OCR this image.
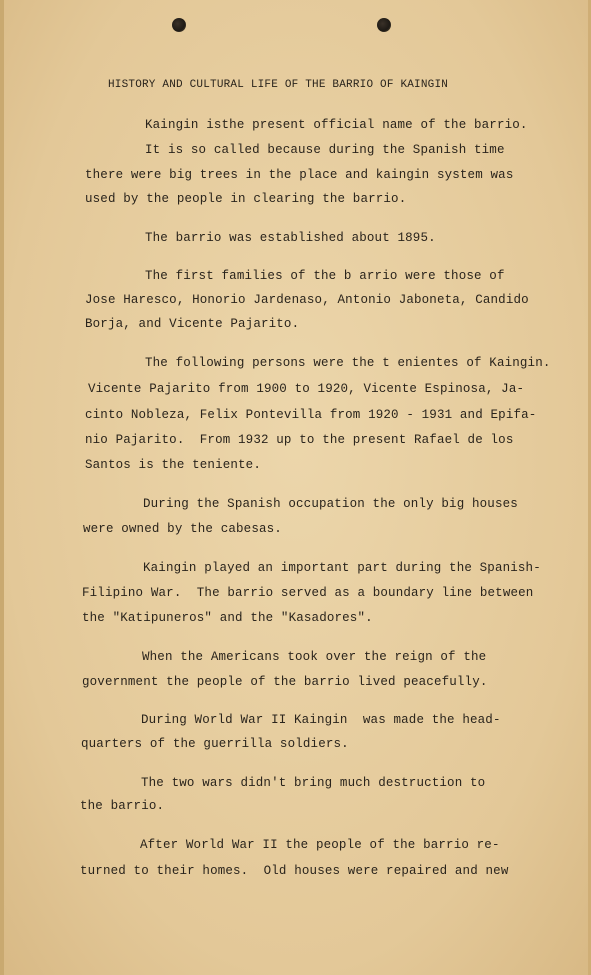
HISTORY AND CULTURAL LIFE OF THE BARRIO OF KAINGIN
Kaingin isthe present official name of the barrio.
It is so called because during the Spanish time
there were big trees in the place and kaingin system was
used by the people in clearing the barrio.
The barrio was established about 1895.
The first families of the b arrio were those of
Jose Haresco, Honorio Jardenaso, Antonio Jaboneta, Candido
Borja, and Vicente Pajarito.
The following persons were the t enientes of Kaingin.
Vicente Pajarito from 1900 to 1920, Vicente Espinosa, Ja-
cinto Nobleza, Felix Pontevilla from 1920 - 1931 and Epifa-
nio Pajarito.  From 1932 up to the present Rafael de los
Santos is the teniente.
During the Spanish occupation the only big houses
were owned by the cabesas.
Kaingin played an important part during the Spanish-
Filipino War.  The barrio served as a boundary line between
the "Katipuneros" and the "Kasadores".
When the Americans took over the reign of the
government the people of the barrio lived peacefully.
During World War II Kaingin  was made the head-
quarters of the guerrilla soldiers.
The two wars didn't bring much destruction to
the barrio.
After World War II the people of the barrio re-
turned to their homes.  Old houses were repaired and new
